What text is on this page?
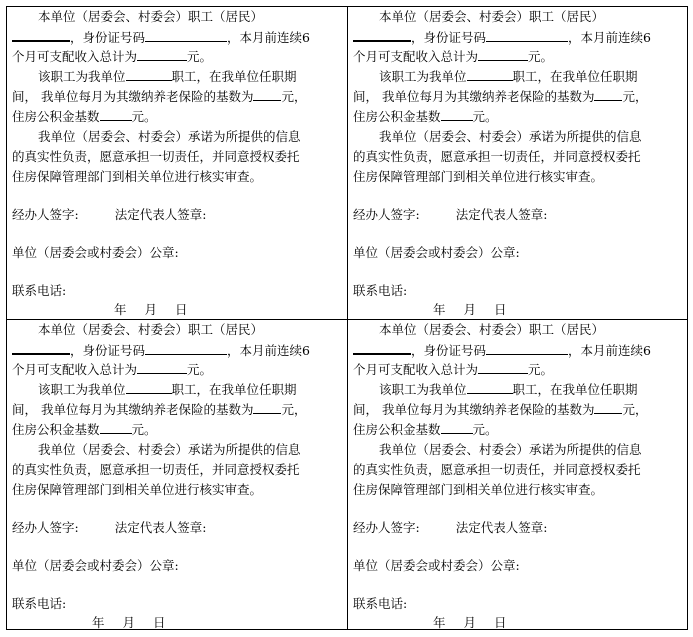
本单位（居委会、村委会）职工（居民）
，身份证号码	，本月前连续6
个月可支配收入总计为	元。
该职工为我单位	职工，在我单位任职期
间， 我单位每月为其缴纳养老保险的基数为 元，
住房公积金基数	元。
我单位（居委会、村委会）承诺为所提供的信息
的真实性负责，愿意承担一切责任，并同意授权委托
住房保障管理部门到相关单位进行核实审查。
经办人签字:	法定代表人签章:
单位（居委会或村委会）公章:
联系电话:
年 月 日
本单位（居委会、村委会）职工（居民）
，身份证号码	，本月前连续6
个月可支配收入总计为	元。
该职工为我单位	职工，在我单位任职期
间， 我单位每月为其缴纳养老保险的基数为 元，
住房公积金基数	元。
我单位（居委会、村委会）承诺为所提供的信息
的真实性负责，愿意承担一切责任，并同意授权委托
住房保障管理部门到相关单位进行核实审查。
经办人签字:	法定代表人签章:
单位（居委会或村委会）公章:
联系电话:
年 月 日
本单位（居委会、村委会）职工（居民）
，身份证号码	，本月前连续6
个月可支配收入总计为	元。
该职工为我单位	职工，在我单位任职期
间， 我单位每月为其缴纳养老保险的基数为 元，
住房公积金基数	元。
我单位（居委会、村委会）承诺为所提供的信息
的真实性负责，愿意承担一切责任，并同意授权委托
住房保障管理部门到相关单位进行核实审查。
经办人签字:	法定代表人签章:
单位（居委会或村委会）公章:
联系电话:
年 月 日
本单位（居委会、村委会）职工（居民）
，身份证号码	，本月前连续6
个月可支配收入总计为	元。
该职工为我单位	职工，在我单位任职期
间， 我单位每月为其缴纳养老保险的基数为 元，
住房公积金基数	元。
我单位（居委会、村委会）承诺为所提供的信息
的真实性负责，愿意承担一切责任，并同意授权委托
住房保障管理部门到相关单位进行核实审查。
经办人签字:	法定代表人签章:
单位（居委会或村委会）公章:
联系电话:
年 月 日
